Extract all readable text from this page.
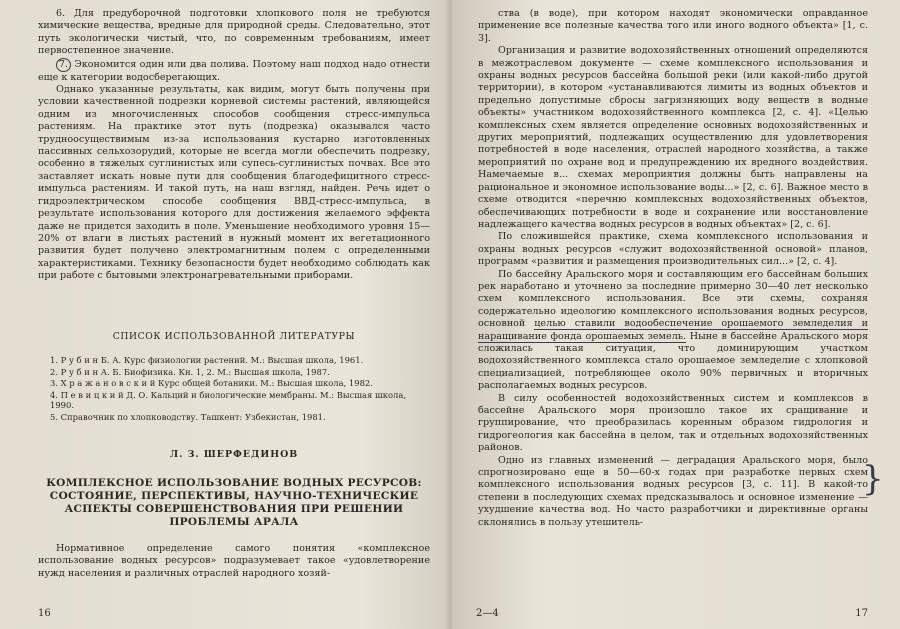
6. Для предуборочной подготовки хлопкового поля не требуются химические вещества, вредные для природной среды. Следовательно, этот путь экологически чистый, что, по современным требованиям, имеет первостепенное значение.

7. Экономится один или два полива. Поэтому наш подход надо отнести еще к категории водосберегающих.

Однако указанные результаты, как видим, могут быть получены при условии качественной подрезки корневой системы растений, являющейся одним из многочисленных способов сообщения стресс-импульса растениям. На практике этот путь (подрезка) оказывался часто трудноосуществимым из-за использования кустарно изготовленных пассивных сельхозорудий, которые не всегда могли обеспечить подрезку, особенно в тяжелых суглинистых или супесь-суглинистых почвах. Все это заставляет искать новые пути для сообщения благодефицитного стресс-импульса растениям. И такой путь, на наш взгляд, найден. Речь идет о гидроэлектрическом способе сообщения ВВД-стресс-импульса, в результате использования которого для достижения желаемого эффекта даже не придется заходить в поле. Уменьшение необходимого уровня 15—20% от влаги в листьях растений в нужный момент их вегетационного развития будет получено электромагнитным полем с определенными характеристиками. Технику безопасности будет необходимо соблюдать как при работе с бытовыми электронагревательными приборами.

СПИСОК ИСПОЛЬЗОВАННОЙ ЛИТЕРАТУРЫ
1. Р у б и н Б. А. Курс физиологии растений. М.: Высшая школа, 1961.
2. Р у б и н А. Б. Биофизика. Кн. 1, 2. М.: Высшая школа, 1987.
3. Х р а ж а н о в с к и й Курс общей ботаники. М.: Высшая школа, 1982.
4. П е в и ц к и й Д. О. Кальций и биологические мембраны. М.: Высшая школа, 1990.
5. Справочник по хлопководству. Ташкент: Узбекистан, 1981.
Л. З. ШЕРФЕДИНОВ
КОМПЛЕКСНОЕ ИСПОЛЬЗОВАНИЕ ВОДНЫХ РЕСУРСОВ: СОСТОЯНИЕ, ПЕРСПЕКТИВЫ, НАУЧНО-ТЕХНИЧЕСКИЕ АСПЕКТЫ СОВЕРШЕНСТВОВАНИЯ ПРИ РЕШЕНИИ ПРОБЛЕМЫ АРАЛА

Нормативное определение самого понятия «комплексное использование водных ресурсов» подразумевает такое «удовлетворение нужд населения и различных отраслей народного хозяй-

16

ства (в воде), при котором находят экономически оправданное применение все полезные качества того или иного водного объекта» [1, с. 3].

Организация и развитие водохозяйственных отношений определяются в межотраслевом документе — схеме комплексного использования и охраны водных ресурсов бассейна большой реки (или какой-либо другой территории), в котором «устанавливаются лимиты из водных объектов и предельно допустимые сбросы загрязняющих воду веществ в водные объекты» участником водохозяйственного комплекса [2, с. 4]. «Целью комплексных схем является определение основных водохозяйственных и других мероприятий, подлежащих осуществлению для удовлетворения потребностей в воде населения, отраслей народного хозяйства, а также мероприятий по охране вод и предупреждению их вредного воздействия. Намечаемые в... схемах мероприятия должны быть направлены на рациональное и экономное использование воды...» [2, с. 6]. Важное место в схеме отводится «перечню комплексных водохозяйственных объектов, обеспечивающих потребности в воде и сохранение или восстановление надлежащего качества водных ресурсов в водных объектах» [2, с. 6].

По сложившейся практике, схема комплексного использования и охраны водных ресурсов «служит водохозяйственной основой» планов, программ «развития и размещения производительных сил...» [2, с. 4].

По бассейну Аральского моря и составляющим его бассейнам больших рек наработано и уточнено за последние примерно 30—40 лет несколько схем комплексного использования. Все эти схемы, сохраняя содержательно идеологию комплексного использования водных ресурсов, основной целью ставили водообеспечение орошаемого земледелия и наращивание фонда орошаемых земель. Ныне в бассейне Аральского моря сложилась такая ситуация, что доминирующим участком водохозяйственного комплекса стало орошаемое земледелие с хлопковой специализацией, потребляющее около 90% первичных и вторичных располагаемых водных ресурсов.

В силу особенностей водохозяйственных систем и комплексов в бассейне Аральского моря произошло такое их сращивание и группирование, что преобразилась коренным образом гидрология и гидрогеология как бассейна в целом, так и отдельных водохозяйственных районов.

Одно из главных изменений — деградация Аральского моря, было спрогнозировано еще в 50—60-х годах при разработке первых схем комплексного использования водных ресурсов [3, с. 11]. В какой-то степени в последующих схемах предсказывалось и основное изменение — ухудшение качества вод. Но часто разработчики и директивные органы склонялись в пользу утешитель-

}
2—4	17
